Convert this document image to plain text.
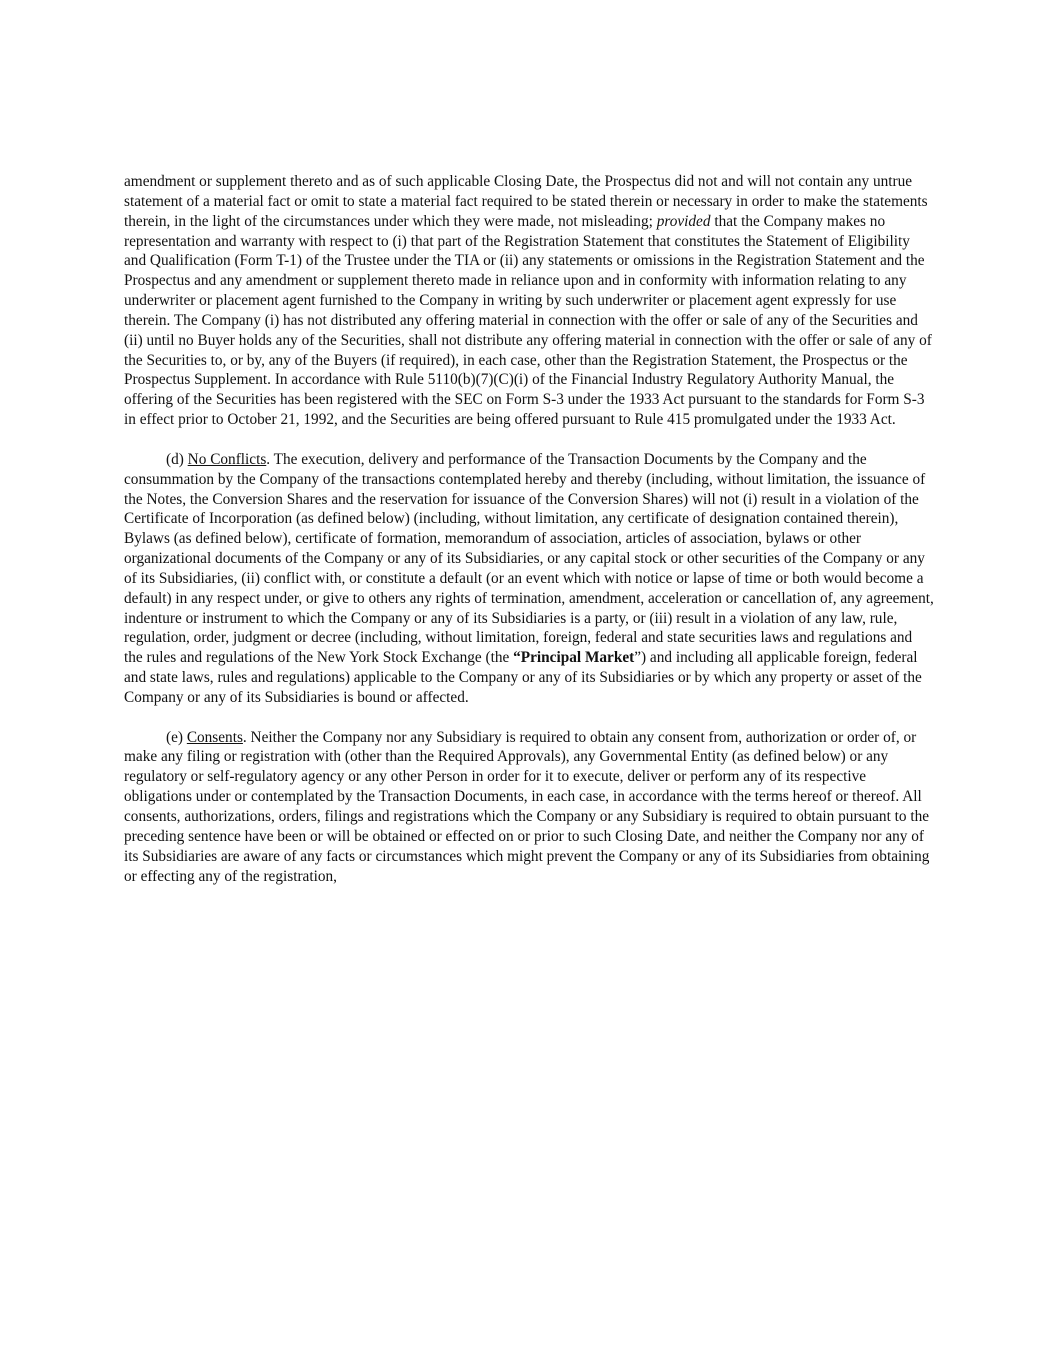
amendment or supplement thereto and as of such applicable Closing Date, the Prospectus did not and will not contain any untrue statement of a material fact or omit to state a material fact required to be stated therein or necessary in order to make the statements therein, in the light of the circumstances under which they were made, not misleading; provided that the Company makes no representation and warranty with respect to (i) that part of the Registration Statement that constitutes the Statement of Eligibility and Qualification (Form T-1) of the Trustee under the TIA or (ii) any statements or omissions in the Registration Statement and the Prospectus and any amendment or supplement thereto made in reliance upon and in conformity with information relating to any underwriter or placement agent furnished to the Company in writing by such underwriter or placement agent expressly for use therein. The Company (i) has not distributed any offering material in connection with the offer or sale of any of the Securities and (ii) until no Buyer holds any of the Securities, shall not distribute any offering material in connection with the offer or sale of any of the Securities to, or by, any of the Buyers (if required), in each case, other than the Registration Statement, the Prospectus or the Prospectus Supplement. In accordance with Rule 5110(b)(7)(C)(i) of the Financial Industry Regulatory Authority Manual, the offering of the Securities has been registered with the SEC on Form S-3 under the 1933 Act pursuant to the standards for Form S-3 in effect prior to October 21, 1992, and the Securities are being offered pursuant to Rule 415 promulgated under the 1933 Act.

(d) No Conflicts. The execution, delivery and performance of the Transaction Documents by the Company and the consummation by the Company of the transactions contemplated hereby and thereby (including, without limitation, the issuance of the Notes, the Conversion Shares and the reservation for issuance of the Conversion Shares) will not (i) result in a violation of the Certificate of Incorporation (as defined below) (including, without limitation, any certificate of designation contained therein), Bylaws (as defined below), certificate of formation, memorandum of association, articles of association, bylaws or other organizational documents of the Company or any of its Subsidiaries, or any capital stock or other securities of the Company or any of its Subsidiaries, (ii) conflict with, or constitute a default (or an event which with notice or lapse of time or both would become a default) in any respect under, or give to others any rights of termination, amendment, acceleration or cancellation of, any agreement, indenture or instrument to which the Company or any of its Subsidiaries is a party, or (iii) result in a violation of any law, rule, regulation, order, judgment or decree (including, without limitation, foreign, federal and state securities laws and regulations and the rules and regulations of the New York Stock Exchange (the “Principal Market”) and including all applicable foreign, federal and state laws, rules and regulations) applicable to the Company or any of its Subsidiaries or by which any property or asset of the Company or any of its Subsidiaries is bound or affected.

(e) Consents. Neither the Company nor any Subsidiary is required to obtain any consent from, authorization or order of, or make any filing or registration with (other than the Required Approvals), any Governmental Entity (as defined below) or any regulatory or self-regulatory agency or any other Person in order for it to execute, deliver or perform any of its respective obligations under or contemplated by the Transaction Documents, in each case, in accordance with the terms hereof or thereof. All consents, authorizations, orders, filings and registrations which the Company or any Subsidiary is required to obtain pursuant to the preceding sentence have been or will be obtained or effected on or prior to such Closing Date, and neither the Company nor any of its Subsidiaries are aware of any facts or circumstances which might prevent the Company or any of its Subsidiaries from obtaining or effecting any of the registration,
